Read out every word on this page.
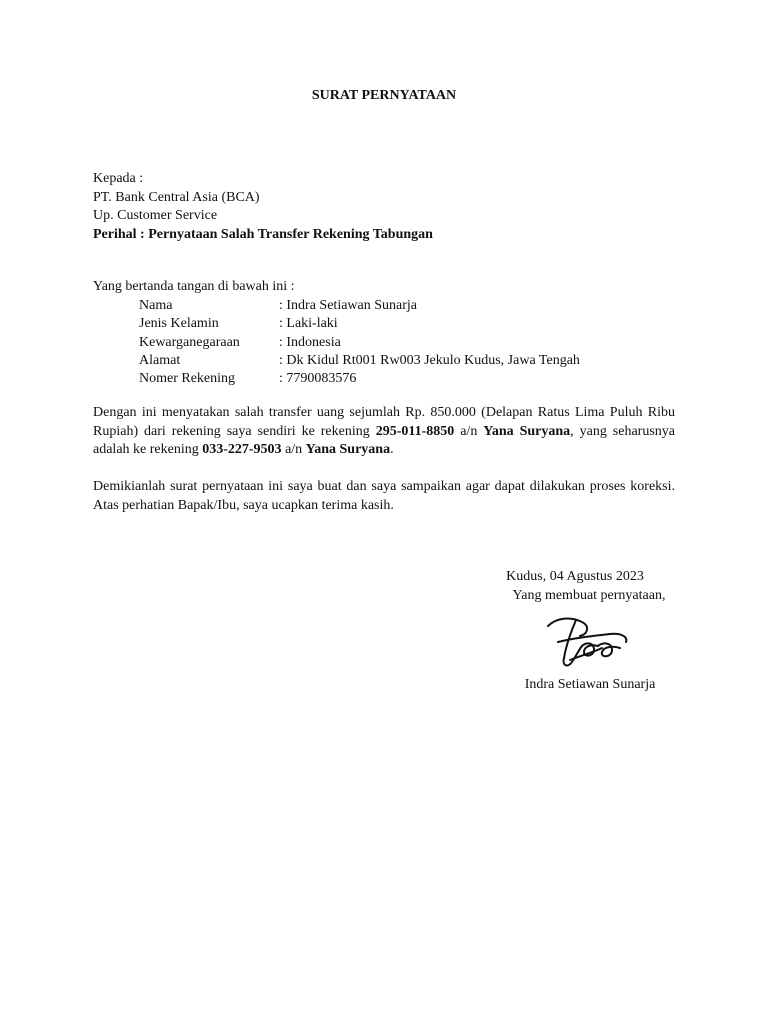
SURAT PERNYATAAN
Kepada :
PT. Bank Central Asia (BCA)
Up. Customer Service
Perihal : Pernyataan Salah Transfer Rekening Tabungan
Yang bertanda tangan di bawah ini :
Nama	: Indra Setiawan Sunarja
Jenis Kelamin	: Laki-laki
Kewarganegaraan	: Indonesia
Alamat	: Dk Kidul Rt001 Rw003 Jekulo Kudus, Jawa Tengah
Nomer Rekening	: 7790083576
Dengan ini menyatakan salah transfer uang sejumlah Rp. 850.000 (Delapan Ratus Lima Puluh Ribu Rupiah) dari rekening saya sendiri ke rekening 295-011-8850 a/n Yana Suryana, yang seharusnya adalah ke rekening 033-227-9503 a/n Yana Suryana.
Demikianlah surat pernyataan ini saya buat dan saya sampaikan agar dapat dilakukan proses koreksi. Atas perhatian Bapak/Ibu, saya ucapkan terima kasih.
Kudus, 04 Agustus 2023
Yang membuat pernyataan,
Indra Setiawan Sunarja
